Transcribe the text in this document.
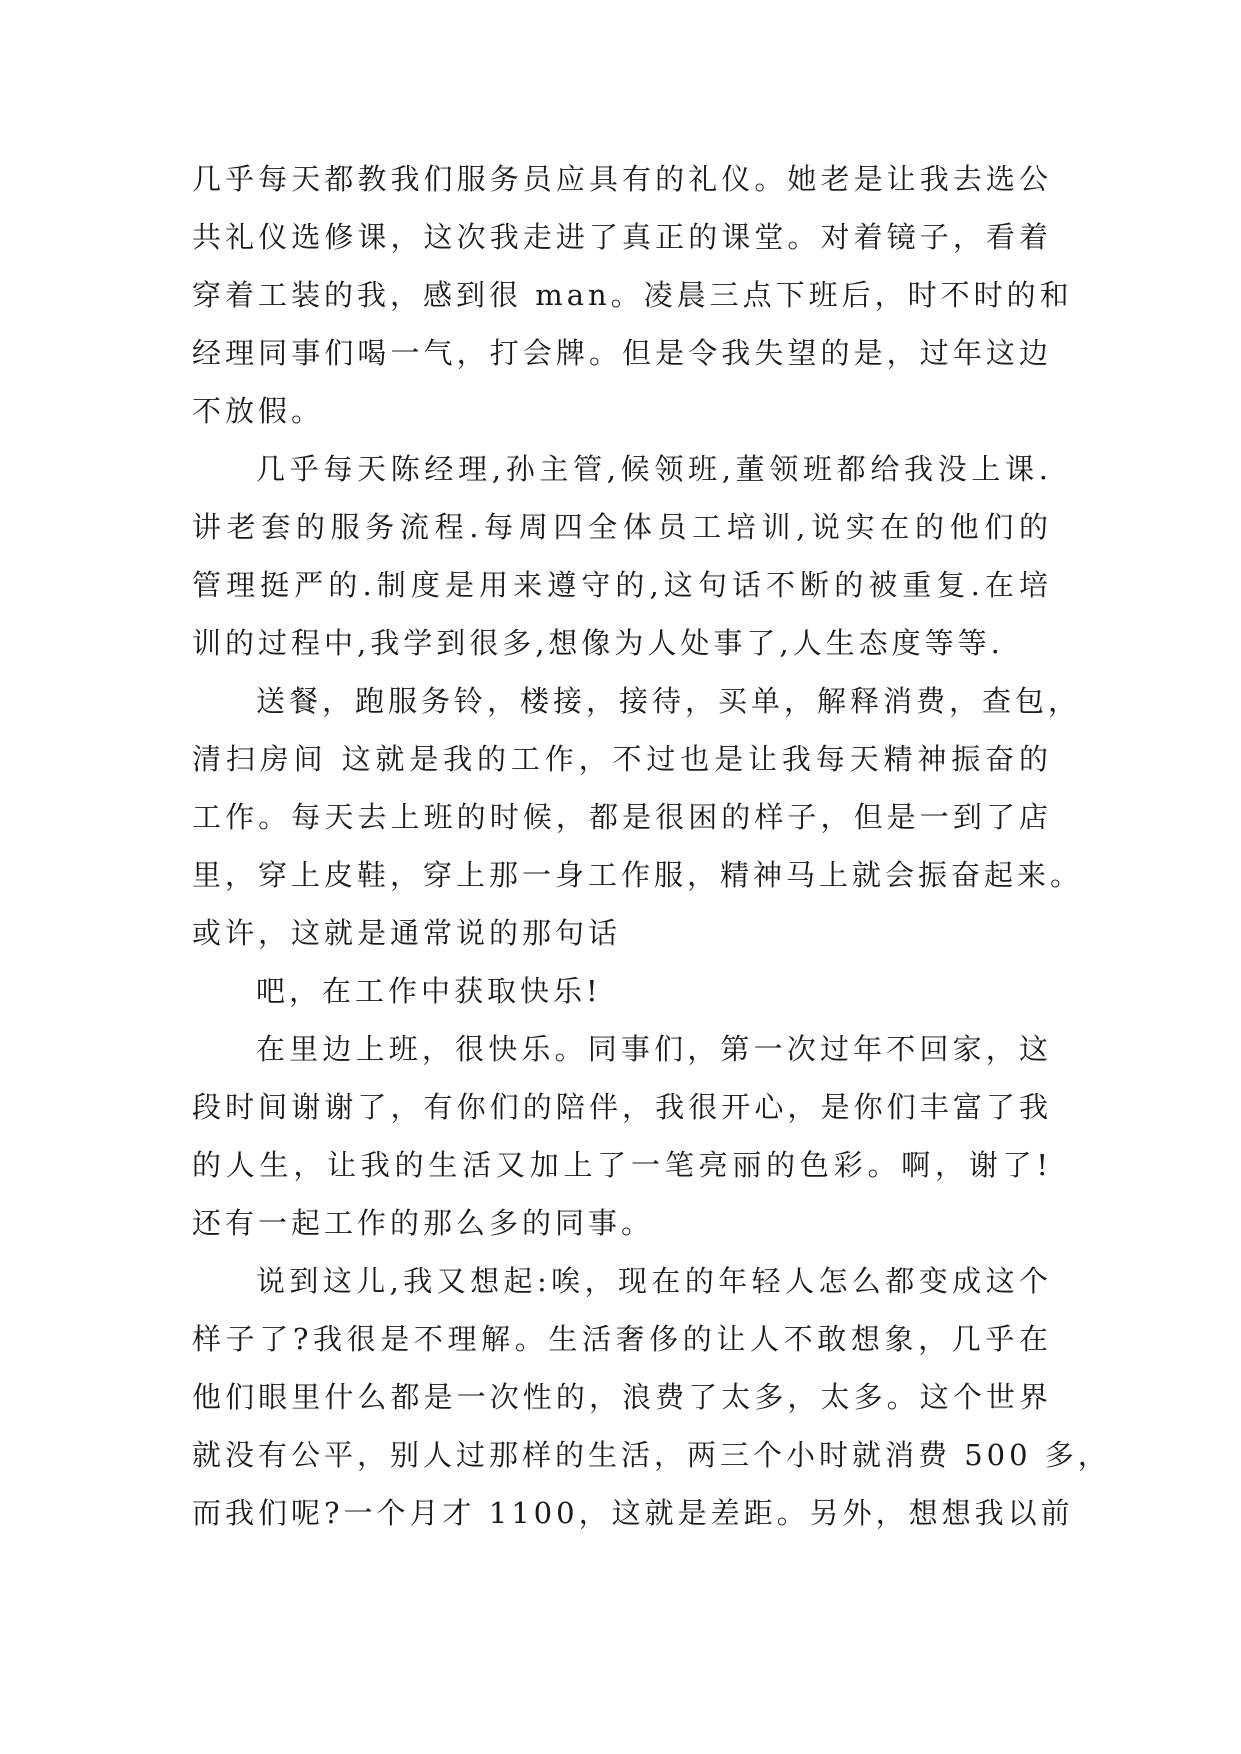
几乎每天都教我们服务员应具有的礼仪。她老是让我去选公
共礼仪选修课，这次我走进了真正的课堂。对着镜子，看着
穿着工装的我，感到很 man。凌晨三点下班后，时不时的和
经理同事们喝一气，打会牌。但是令我失望的是，过年这边
不放假。
几乎每天陈经理,孙主管,候领班,董领班都给我没上课.
讲老套的服务流程.每周四全体员工培训,说实在的他们的
管理挺严的.制度是用来遵守的,这句话不断的被重复.在培
训的过程中,我学到很多,想像为人处事了,人生态度等等.
送餐，跑服务铃，楼接，接待，买单，解释消费，查包，
清扫房间 这就是我的工作，不过也是让我每天精神振奋的
工作。每天去上班的时候，都是很困的样子，但是一到了店
里，穿上皮鞋，穿上那一身工作服，精神马上就会振奋起来。
或许，这就是通常说的那句话
吧，在工作中获取快乐!
在里边上班，很快乐。同事们，第一次过年不回家，这
段时间谢谢了，有你们的陪伴，我很开心，是你们丰富了我
的人生，让我的生活又加上了一笔亮丽的色彩。啊，谢了!
还有一起工作的那么多的同事。
说到这儿,我又想起:唉，现在的年轻人怎么都变成这个
样子了?我很是不理解。生活奢侈的让人不敢想象，几乎在
他们眼里什么都是一次性的，浪费了太多，太多。这个世界
就没有公平，别人过那样的生活，两三个小时就消费 500 多，
而我们呢?一个月才 1100，这就是差距。另外，想想我以前
